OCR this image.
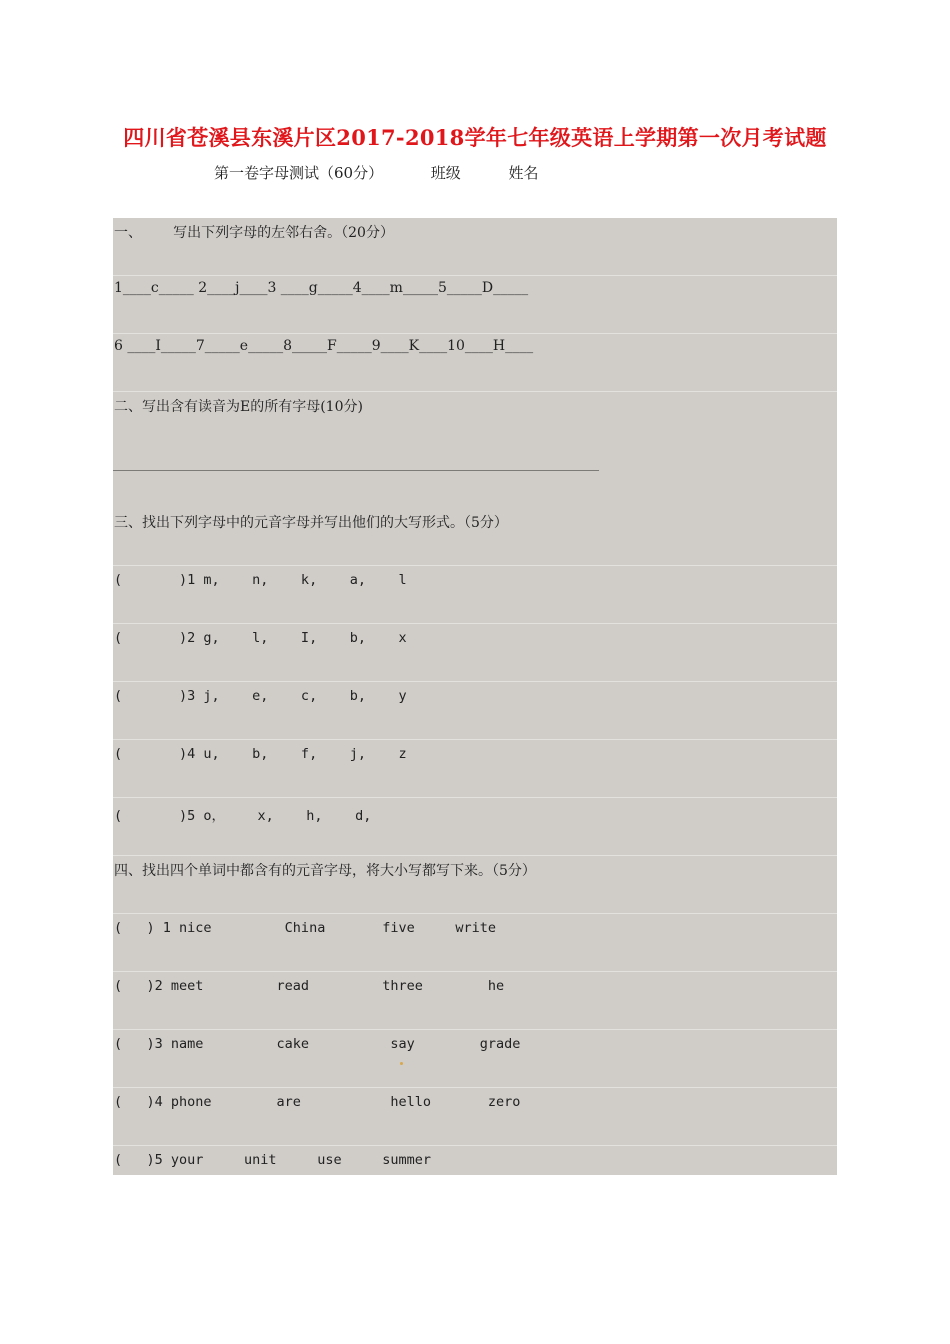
四川省苍溪县东溪片区2017-2018学年七年级英语上学期第一次月考试题
第一卷字母测试（60分）          班级          姓名
一、       写出下列字母的左邻右舍。（20分）
1____c_____ 2____j____3 ____g_____4____m_____5_____D_____
6 ____I_____7_____e_____8_____F_____9____K____10____H____
二、写出含有读音为E的所有字母(10分)
三、找出下列字母中的元音字母并写出他们的大写形式。（5分）
(       )1 m,    n,    k,    a,    l
(       )2 g,    l,    I,    b,    x
(       )3 j,    e,    c,    b,    y
(       )4 u,    b,    f,    j,    z
(       )5 o，    x,    h,    d,
四、找出四个单词中都含有的元音字母，将大小写都写下来。（5分）
(   ) 1 nice         China       five     write
(   )2 meet         read         three        he
(   )3 name         cake          say        grade
(   )4 phone        are           hello       zero
(   )5 your     unit     use     summer
